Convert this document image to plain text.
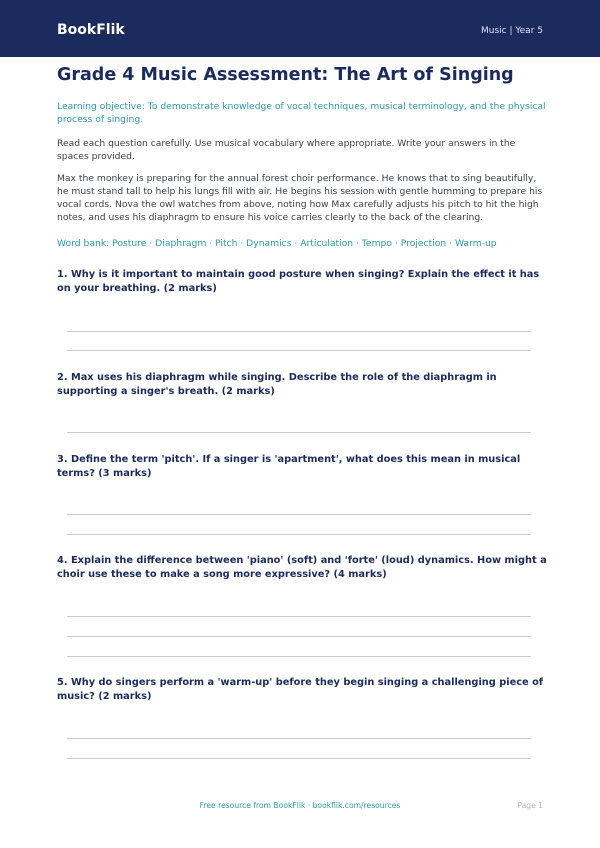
BookFlik	Music | Year 5
Grade 4 Music Assessment: The Art of Singing

Learning objective: To demonstrate knowledge of vocal techniques, musical terminology, and the physical process of singing.

Read each question carefully. Use musical vocabulary where appropriate. Write your answers in the spaces provided.

Max the monkey is preparing for the annual forest choir performance. He knows that to sing beautifully, he must stand tall to help his lungs fill with air. He begins his session with gentle humming to prepare his vocal cords. Nova the owl watches from above, noting how Max carefully adjusts his pitch to hit the high notes, and uses his diaphragm to ensure his voice carries clearly to the back of the clearing.

Word bank: Posture · Diaphragm · Pitch · Dynamics · Articulation · Tempo · Projection · Warm-up

1. Why is it important to maintain good posture when singing? Explain the effect it has on your breathing. (2 marks)

2. Max uses his diaphragm while singing. Describe the role of the diaphragm in supporting a singer's breath. (2 marks)

3. Define the term 'pitch'. If a singer is 'apartment', what does this mean in musical terms? (3 marks)

4. Explain the difference between 'piano' (soft) and 'forte' (loud) dynamics. How might a choir use these to make a song more expressive? (4 marks)

5. Why do singers perform a 'warm-up' before they begin singing a challenging piece of music? (2 marks)

Free resource from BookFlik · bookflik.com/resources	Page 1
